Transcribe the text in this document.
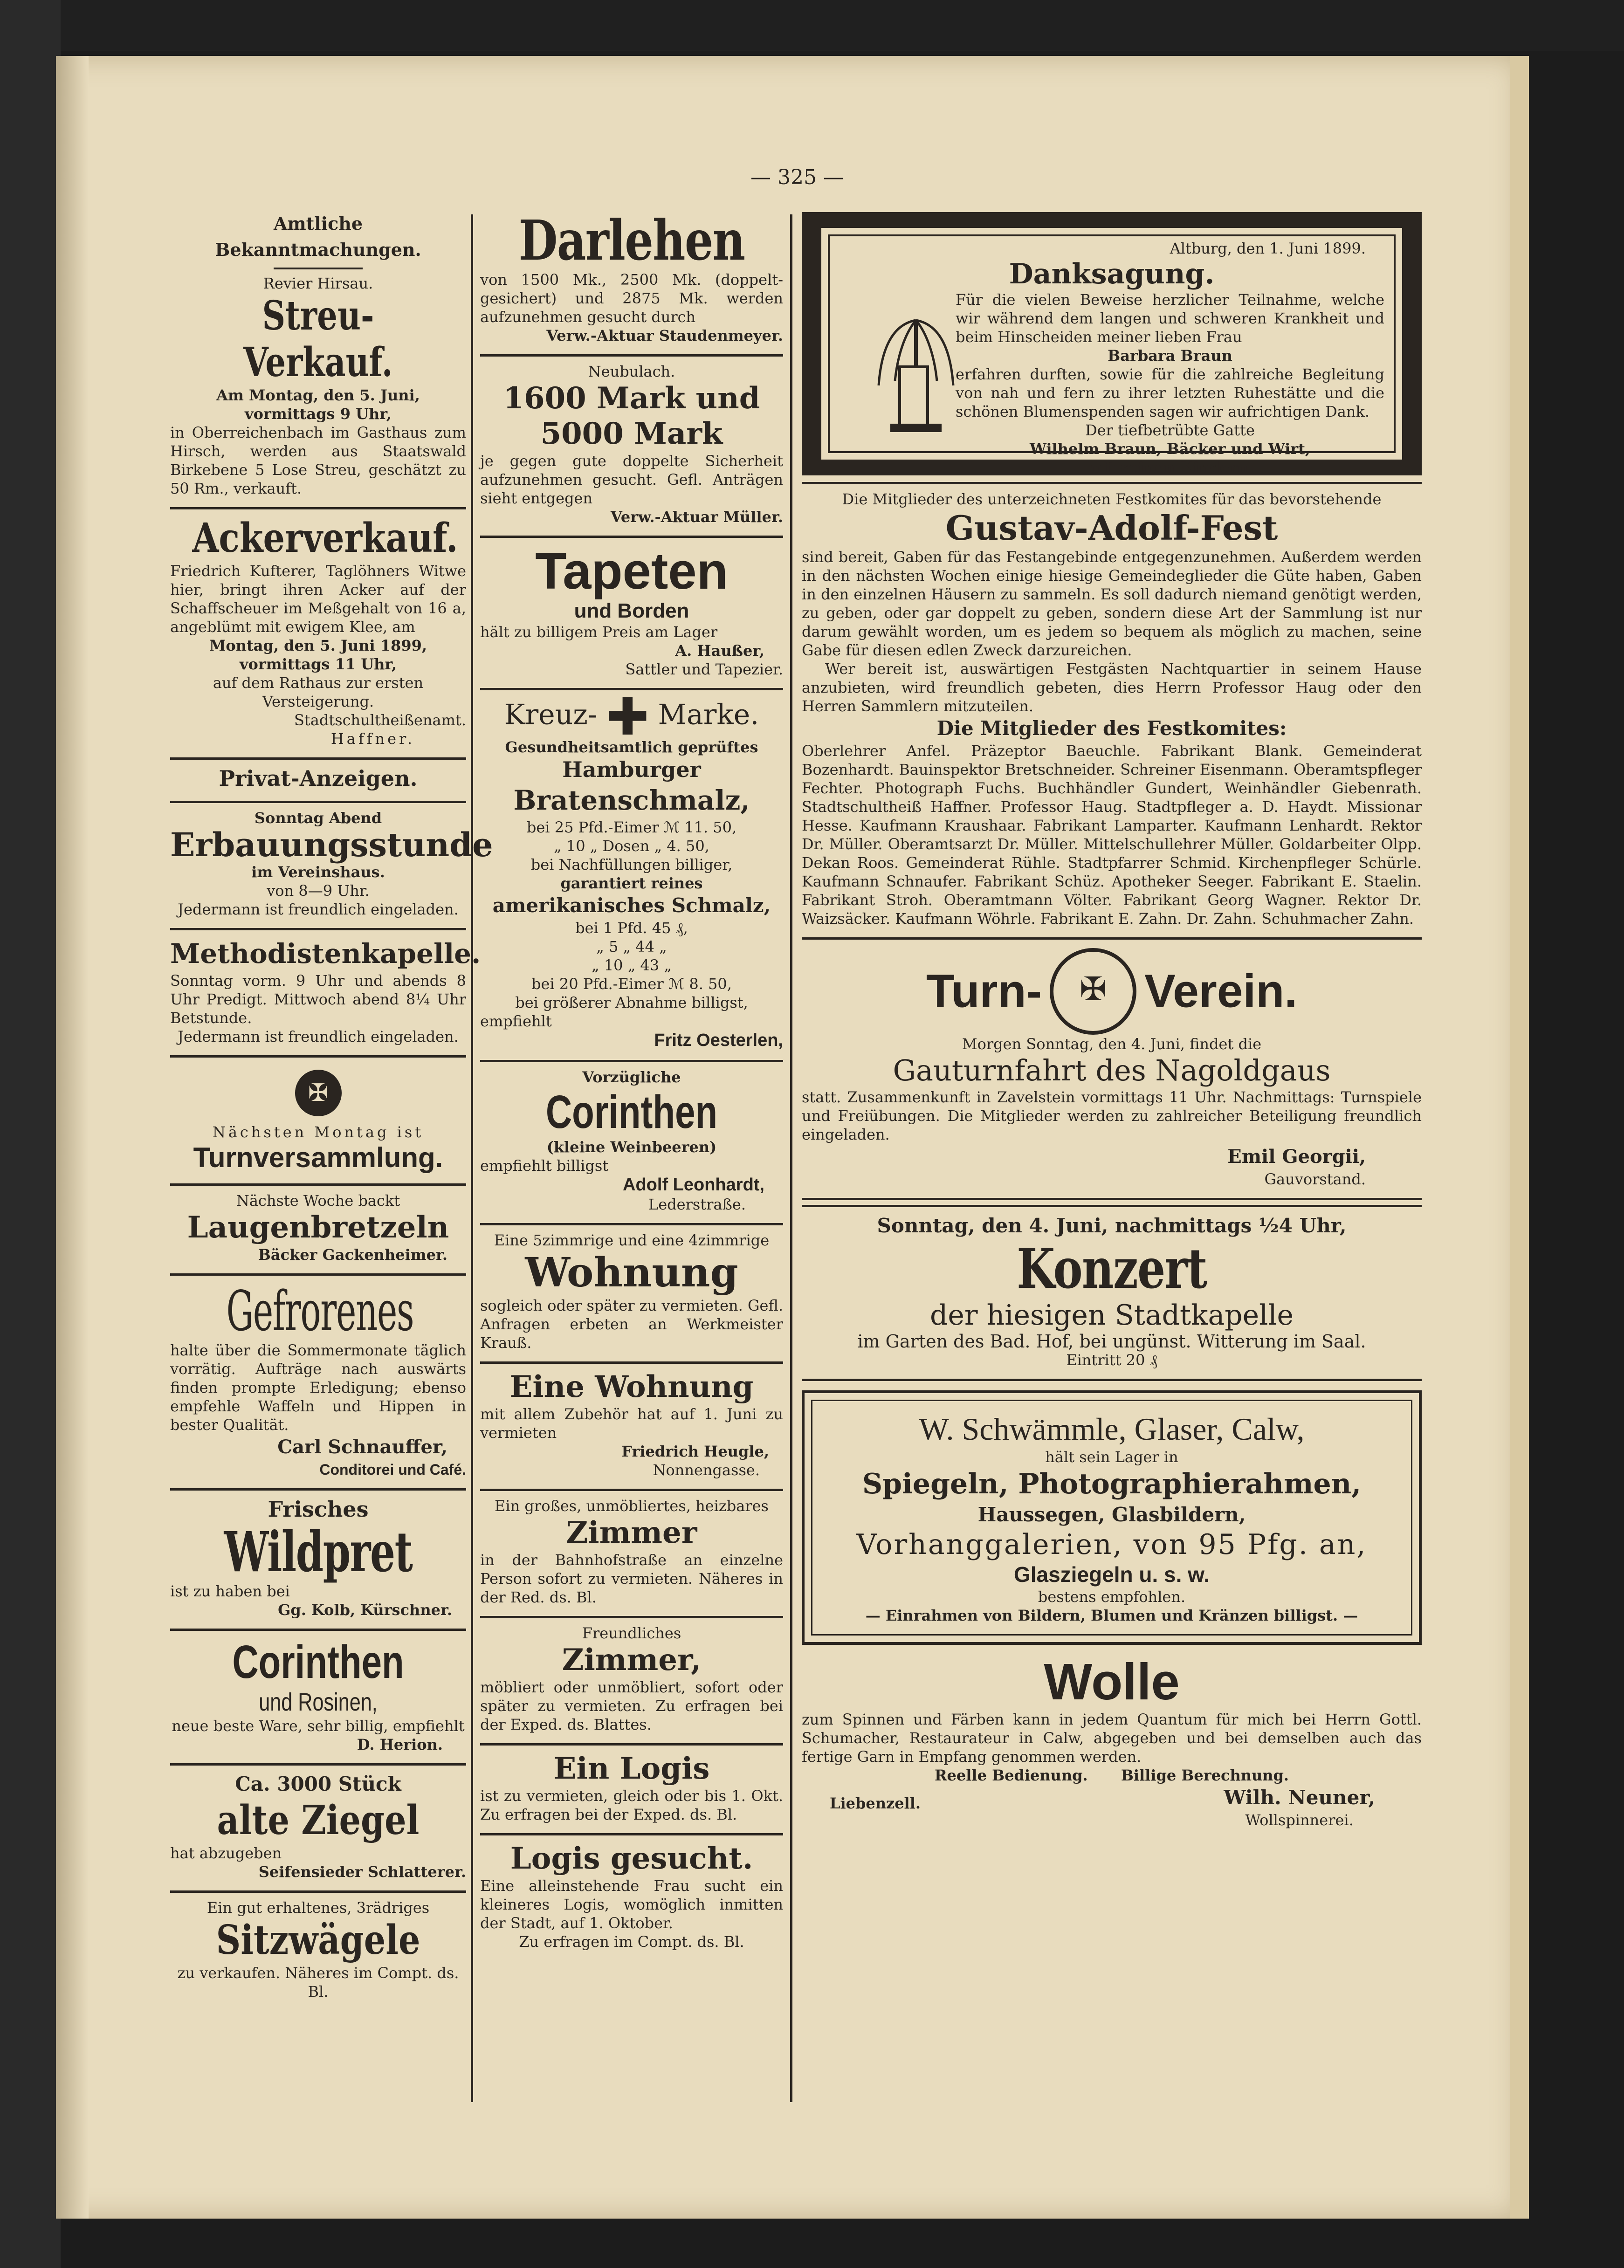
— 325 —
Amtliche Bekanntmachungen.
Revier Hirsau.
Streu-Verkauf.
Am Montag, den 5. Juni,
vormittags 9 Uhr,

in Oberreichenbach im Gasthaus zum Hirsch, werden aus Staatswald Birkebene 5 Lose Streu, geschätzt zu 50 Rm., verkauft.

Ackerverkauf.

Friedrich Kufterer, Taglöhners Witwe hier, bringt ihren Acker auf der Schaffscheuer im Meßgehalt von 16 a, angeblümt mit ewigem Klee, am

Montag, den 5. Juni 1899,
vormittags 11 Uhr,
auf dem Rathaus zur ersten Versteigerung.
Stadtschultheißenamt.
Haffner.
Privat-Anzeigen.
Sonntag Abend
Erbauungsstunde
im Vereinshaus.
von 8—9 Uhr.
Jedermann ist freundlich eingeladen.
Methodistenkapelle.

Sonntag vorm. 9 Uhr und abends 8 Uhr Predigt. Mittwoch abend 8¼ Uhr Betstunde.

Jedermann ist freundlich eingeladen.
✠
Nächsten Montag ist
Turnversammlung.
Nächste Woche backt
Laugenbretzeln
Bäcker Gackenheimer.
Gefrorenes

halte über die Sommermonate täglich vorrätig. Aufträge nach auswärts finden prompte Erledigung; ebenso empfehle Waffeln und Hippen in bester Qualität.

Carl Schnauffer,
Conditorei und Café.
Frisches
Wildpret
ist zu haben bei
Gg. Kolb, Kürschner.
Corinthen
und Rosinen,
neue beste Ware, sehr billig, empfiehlt
D. Herion.
Ca. 3000 Stück
alte Ziegel
hat abzugeben
Seifensieder Schlatterer.
Ein gut erhaltenes, 3rädriges
Sitzwägele
zu verkaufen. Näheres im Compt. ds. Bl.
Darlehen

von 1500 Mk., 2500 Mk. (doppelt-gesichert) und 2875 Mk. werden aufzunehmen gesucht durch

Verw.-Aktuar Staudenmeyer.
Neubulach.
1600 Mark und
5000 Mark

je gegen gute doppelte Sicherheit aufzunehmen gesucht. Gefl. Anträgen sieht entgegen

Verw.-Aktuar Müller.
Tapeten
und Borden
hält zu billigem Preis am Lager
A. Haußer,
Sattler und Tapezier.
Kreuz- ✚ Marke.
Gesundheitsamtlich geprüftes
Hamburger
Bratenschmalz,
bei 25 Pfd.-Eimer ℳ 11. 50,
„ 10 „ Dosen „ 4. 50,
bei Nachfüllungen billiger,
garantiert reines
amerikanisches Schmalz,
bei 1 Pfd. 45 ₰,
„ 5 „ 44 „
„ 10 „ 43 „
bei 20 Pfd.-Eimer ℳ 8. 50,
bei größerer Abnahme billigst,
empfiehlt
Fritz Oesterlen,
Vorzügliche
Corinthen
(kleine Weinbeeren)
empfiehlt billigst
Adolf Leonhardt,
Lederstraße.
Eine 5zimmrige und eine 4zimmrige
Wohnung

sogleich oder später zu vermieten. Gefl. Anfragen erbeten an Werkmeister Krauß.

Eine Wohnung

mit allem Zubehör hat auf 1. Juni zu vermieten

Friedrich Heugle,
Nonnengasse.
Ein großes, unmöbliertes, heizbares
Zimmer

in der Bahnhofstraße an einzelne Person sofort zu vermieten. Näheres in der Red. ds. Bl.

Freundliches
Zimmer,

möbliert oder unmöbliert, sofort oder später zu vermieten. Zu erfragen bei der Exped. ds. Blattes.

Ein Logis

ist zu vermieten, gleich oder bis 1. Okt. Zu erfragen bei der Exped. ds. Bl.

Logis gesucht.

Eine alleinstehende Frau sucht ein kleineres Logis, womöglich inmitten der Stadt, auf 1. Oktober.

Zu erfragen im Compt. ds. Bl.
Altburg, den 1. Juni 1899.
Danksagung.

Für die vielen Beweise herzlicher Teilnahme, welche wir während dem langen und schweren Krankheit und beim Hinscheiden meiner lieben Frau

Barbara Braun

erfahren durften, sowie für die zahlreiche Begleitung von nah und fern zu ihrer letzten Ruhestätte und die schönen Blumenspenden sagen wir aufrichtigen Dank.

Der tiefbetrübte Gatte
Wilhelm Braun, Bäcker und Wirt,
mit seinen Kindern.
Die Mitglieder des unterzeichneten Festkomites für das bevorstehende
Gustav-Adolf-Fest

sind bereit, Gaben für das Festangebinde entgegenzunehmen. Außerdem werden in den nächsten Wochen einige hiesige Gemeindeglieder die Güte haben, Gaben in den einzelnen Häusern zu sammeln. Es soll dadurch niemand genötigt werden, zu geben, oder gar doppelt zu geben, sondern diese Art der Sammlung ist nur darum gewählt worden, um es jedem so bequem als möglich zu machen, seine Gabe für diesen edlen Zweck darzureichen.

Wer bereit ist, auswärtigen Festgästen Nachtquartier in seinem Hause anzubieten, wird freundlich gebeten, dies Herrn Professor Haug oder den Herren Sammlern mitzuteilen.

Die Mitglieder des Festkomites:

Oberlehrer Anfel. Präzeptor Baeuchle. Fabrikant Blank. Gemeinderat Bozenhardt. Bauinspektor Bretschneider. Schreiner Eisenmann. Oberamtspfleger Fechter. Photograph Fuchs. Buchhändler Gundert, Weinhändler Giebenrath. Stadtschultheiß Haffner. Professor Haug. Stadtpfleger a. D. Haydt. Missionar Hesse. Kaufmann Kraushaar. Fabrikant Lamparter. Kaufmann Lenhardt. Rektor Dr. Müller. Oberamtsarzt Dr. Müller. Mittelschullehrer Müller. Goldarbeiter Olpp. Dekan Roos. Gemeinderat Rühle. Stadtpfarrer Schmid. Kirchenpfleger Schürle. Kaufmann Schnaufer. Fabrikant Schüz. Apotheker Seeger. Fabrikant E. Staelin. Fabrikant Stroh. Oberamtmann Völter. Fabrikant Georg Wagner. Rektor Dr. Waizsäcker. Kaufmann Wöhrle. Fabrikant E. Zahn. Dr. Zahn. Schuhmacher Zahn.

Turn- ✠ Verein.
Morgen Sonntag, den 4. Juni, findet die
Gauturnfahrt des Nagoldgaus

statt. Zusammenkunft in Zavelstein vormittags 11 Uhr. Nachmittags: Turnspiele und Freiübungen. Die Mitglieder werden zu zahlreicher Beteiligung freundlich eingeladen.

Emil Georgii,
Gauvorstand.
Sonntag, den 4. Juni, nachmittags ½4 Uhr,
Konzert
der hiesigen Stadtkapelle
im Garten des Bad. Hof, bei ungünst. Witterung im Saal.
Eintritt 20 ₰
W. Schwämmle, Glaser, Calw,
hält sein Lager in
Spiegeln, Photographierahmen,
Haussegen, Glasbildern,
Vorhanggalerien, von 95 Pfg. an,
Glasziegeln u. s. w.
bestens empfohlen.
— Einrahmen von Bildern, Blumen und Kränzen billigst. —
Wolle

zum Spinnen und Färben kann in jedem Quantum für mich bei Herrn Gottl. Schumacher, Restaurateur in Calw, abgegeben und bei demselben auch das fertige Garn in Empfang genommen werden.

Reelle Bedienung. Billige Berechnung.
Liebenzell.	Wilh. Neuner,
Wollspinnerei.
